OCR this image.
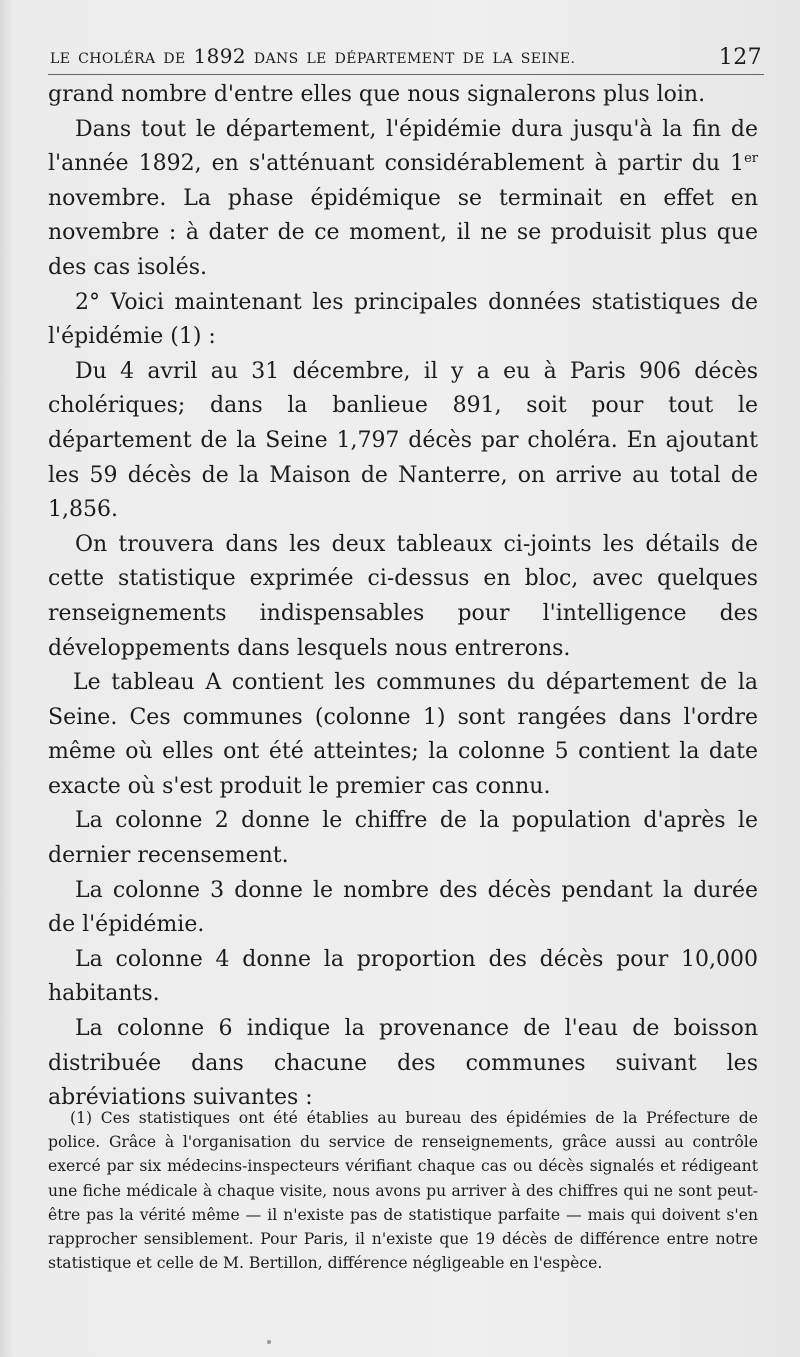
LE CHOLÉRA DE 1892 DANS LE DÉPARTEMENT DE LA SEINE.	127

grand nombre d'entre elles que nous signalerons plus loin.

Dans tout le département, l'épidémie dura jusqu'à la fin de l'année 1892, en s'atténuant considérablement à partir du 1er novembre. La phase épidémique se terminait en effet en novembre : à dater de ce moment, il ne se produisit plus que des cas isolés.

2° Voici maintenant les principales données statistiques de l'épidémie (1) :

Du 4 avril au 31 décembre, il y a eu à Paris 906 décès cholériques; dans la banlieue 891, soit pour tout le département de la Seine 1,797 décès par choléra. En ajoutant les 59 décès de la Maison de Nanterre, on arrive au total de 1,856.

On trouvera dans les deux tableaux ci-joints les détails de cette statistique exprimée ci-dessus en bloc, avec quelques renseignements indispensables pour l'intelligence des développements dans lesquels nous entrerons.

Le tableau A contient les communes du département de la Seine. Ces communes (colonne 1) sont rangées dans l'ordre même où elles ont été atteintes; la colonne 5 contient la date exacte où s'est produit le premier cas connu.

La colonne 2 donne le chiffre de la population d'après le dernier recensement.

La colonne 3 donne le nombre des décès pendant la durée de l'épidémie.

La colonne 4 donne la proportion des décès pour 10,000 habitants.

La colonne 6 indique la provenance de l'eau de boisson distribuée dans chacune des communes suivant les abréviations suivantes :

(1) Ces statistiques ont été établies au bureau des épidémies de la Préfecture de police. Grâce à l'organisation du service de renseignements, grâce aussi au contrôle exercé par six médecins-inspecteurs vérifiant chaque cas ou décès signalés et rédigeant une fiche médicale à chaque visite, nous avons pu arriver à des chiffres qui ne sont peut-être pas la vérité même — il n'existe pas de statistique parfaite — mais qui doivent s'en rapprocher sensiblement. Pour Paris, il n'existe que 19 décès de différence entre notre statistique et celle de M. Bertillon, différence négligeable en l'espèce.
